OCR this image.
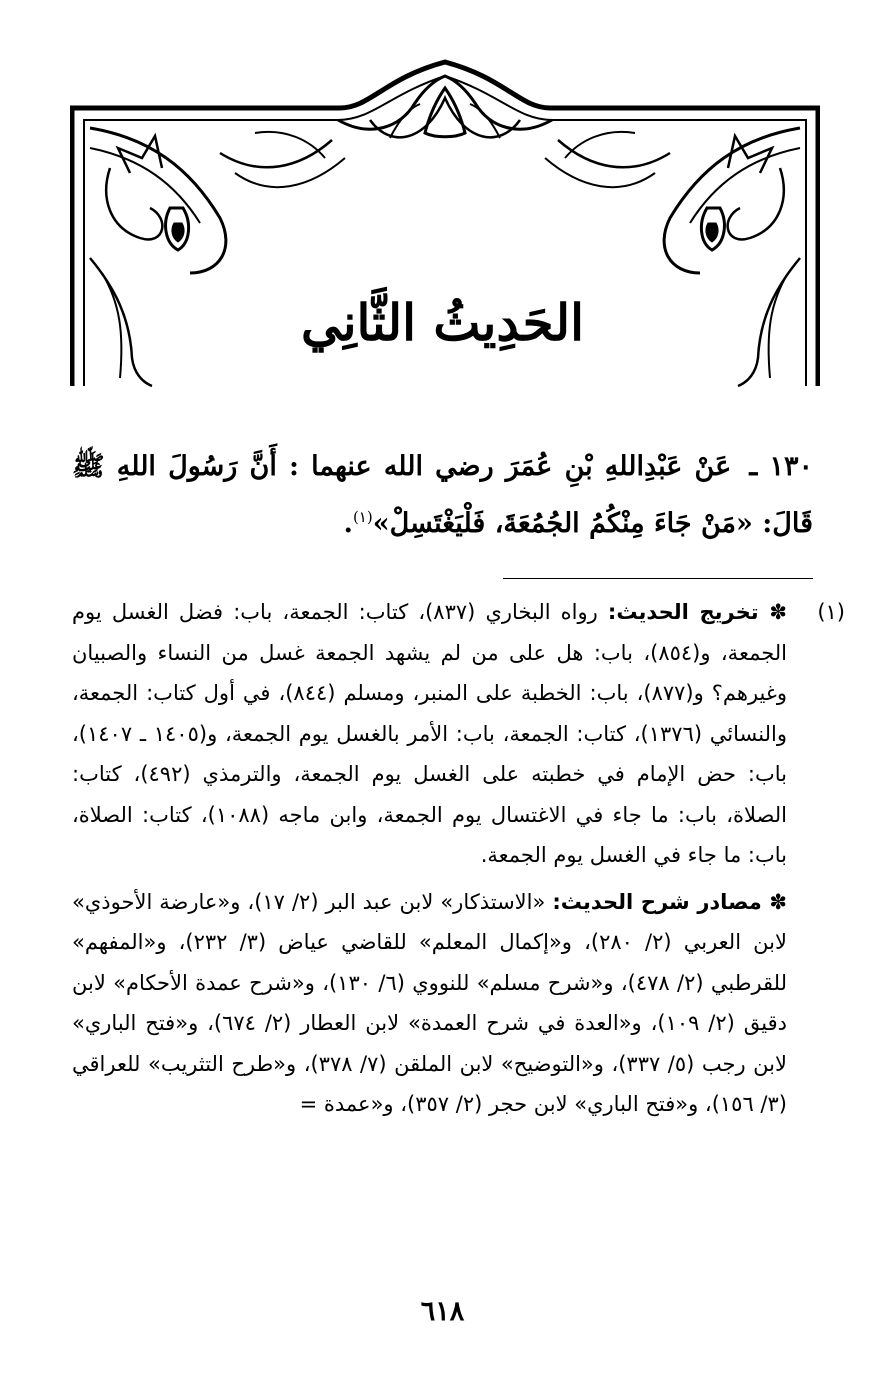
الحَدِيثُ الثَّانِي
١٣٠ ـ عَنْ عَبْدِاللهِ بْنِ عُمَرَ رضي الله عنهما : أَنَّ رَسُولَ اللهِ ﷺ قَالَ: «مَنْ جَاءَ مِنْكُمُ الجُمُعَةَ، فَلْيَغْتَسِلْ»$^{(١)}$.
(١)

✽ تخريج الحديث: رواه البخاري (٨٣٧)، كتاب: الجمعة، باب: فضل الغسل يوم الجمعة، و(٨٥٤)، باب: هل على من لم يشهد الجمعة غسل من النساء والصبيان وغيرهم؟ و(٨٧٧)، باب: الخطبة على المنبر، ومسلم (٨٤٤)، في أول كتاب: الجمعة، والنسائي (١٣٧٦)، كتاب: الجمعة، باب: الأمر بالغسل يوم الجمعة، و(١٤٠٥ ـ ١٤٠٧)، باب: حض الإمام في خطبته على الغسل يوم الجمعة، والترمذي (٤٩٢)، كتاب: الصلاة، باب: ما جاء في الاغتسال يوم الجمعة، وابن ماجه (١٠٨٨)، كتاب: الصلاة، باب: ما جاء في الغسل يوم الجمعة.

✽ مصادر شرح الحديث: «الاستذكار» لابن عبد البر (٢/ ١٧)، و«عارضة الأحوذي» لابن العربي (٢/ ٢٨٠)، و«إكمال المعلم» للقاضي عياض (٣/ ٢٣٢)، و«المفهم» للقرطبي (٢/ ٤٧٨)، و«شرح مسلم» للنووي (٦/ ١٣٠)، و«شرح عمدة الأحكام» لابن دقيق (٢/ ١٠٩)، و«العدة في شرح العمدة» لابن العطار (٢/ ٦٧٤)، و«فتح الباري» لابن رجب (٥/ ٣٣٧)، و«التوضيح» لابن الملقن (٧/ ٣٧٨)، و«طرح التثريب» للعراقي (٣/ ١٥٦)، و«فتح الباري» لابن حجر (٢/ ٣٥٧)، و«عمدة =

٦١٨
